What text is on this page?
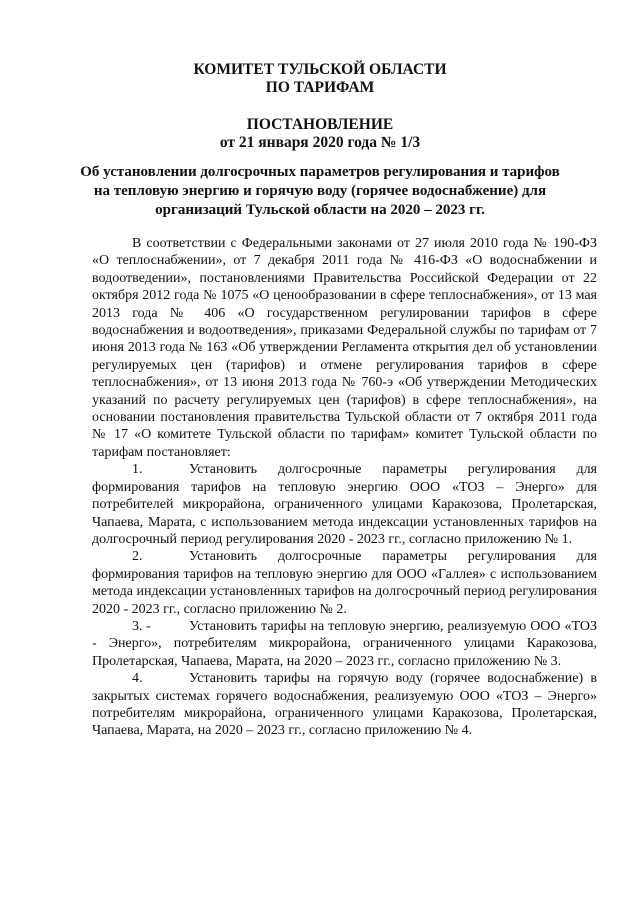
КОМИТЕТ ТУЛЬСКОЙ ОБЛАСТИ
ПО ТАРИФАМ
ПОСТАНОВЛЕНИЕ
от 21 января 2020 года № 1/3
Об установлении долгосрочных параметров регулирования и тарифов
на тепловую энергию и горячую воду (горячее водоснабжение) для
организаций Тульской области на 2020 – 2023 гг.

В соответствии с Федеральными законами от 27 июля 2010 года № 190-ФЗ «О теплоснабжении», от 7 декабря 2011 года № 416-ФЗ «О водоснабжении и водоотведении», постановлениями Правительства Российской Федерации от 22 октября 2012 года № 1075 «О ценообразовании в сфере теплоснабжения», от 13 мая 2013 года № 406 «О государственном регулировании тарифов в сфере водоснабжения и водоотведения», приказами Федеральной службы по тарифам от 7 июня 2013 года № 163 «Об утверждении Регламента открытия дел об установлении регулируемых цен (тарифов) и отмене регулирования тарифов в сфере теплоснабжения», от 13 июня 2013 года № 760-э «Об утверждении Методических указаний по расчету регулируемых цен (тарифов) в сфере теплоснабжения», на основании постановления правительства Тульской области от 7 октября 2011 года № 17 «О комитете Тульской области по тарифам» комитет Тульской области по тарифам постановляет:

1.	Установить долгосрочные параметры регулирования для формирования тарифов на тепловую энергию ООО «ТОЗ – Энерго» для потребителей микрорайона, ограниченного улицами Каракозова, Пролетарская, Чапаева, Марата, с использованием метода индексации установленных тарифов на долгосрочный период регулирования 2020 - 2023 гг., согласно приложению № 1.

2.	Установить долгосрочные параметры регулирования для формирования тарифов на тепловую энергию для ООО «Галлея» с использованием метода индексации установленных тарифов на долгосрочный период регулирования 2020 - 2023 гг., согласно приложению № 2.

3. -	Установить тарифы на тепловую энергию, реализуемую ООО «ТОЗ - Энерго», потребителям микрорайона, ограниченного улицами Каракозова, Пролетарская, Чапаева, Марата, на 2020 – 2023 гг., согласно приложению № 3.

4.	Установить тарифы на горячую воду (горячее водоснабжение) в закрытых системах горячего водоснабжения, реализуемую ООО «ТОЗ – Энерго» потребителям микрорайона, ограниченного улицами Каракозова, Пролетарская, Чапаева, Марата, на 2020 – 2023 гг., согласно приложению № 4.
